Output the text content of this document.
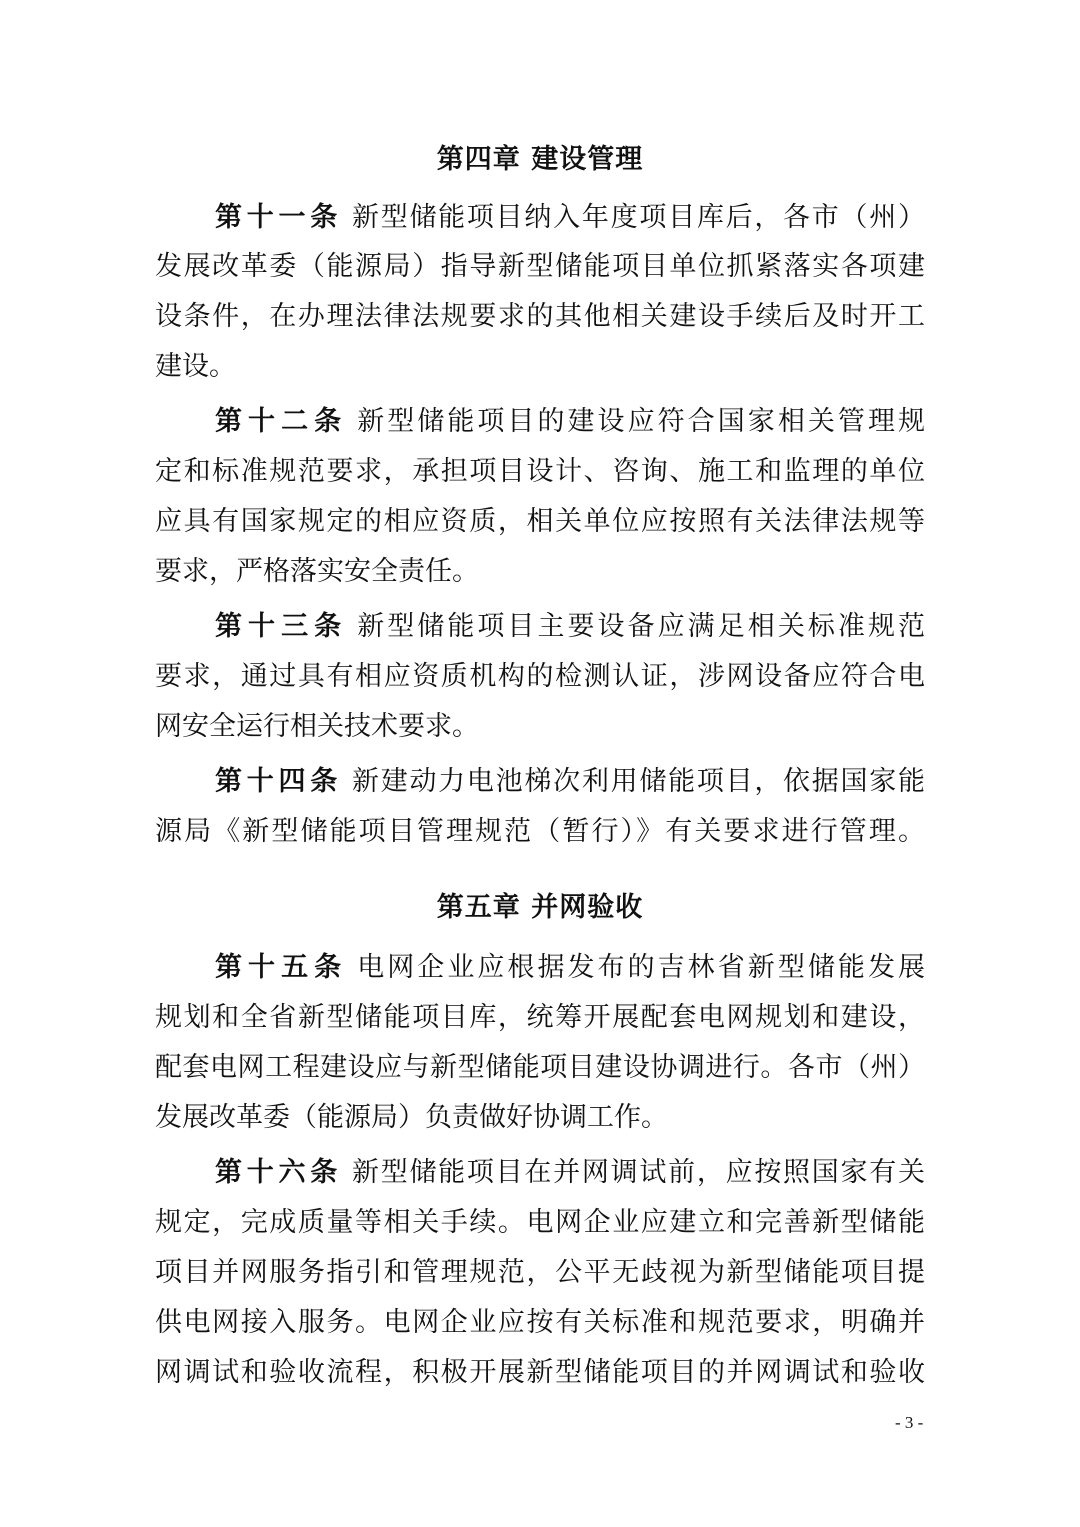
第四章 建设管理
第十一条 新型储能项目纳入年度项目库后，各市（州）
发展改革委（能源局）指导新型储能项目单位抓紧落实各项建
设条件，在办理法律法规要求的其他相关建设手续后及时开工
建设。
第十二条 新型储能项目的建设应符合国家相关管理规
定和标准规范要求，承担项目设计、咨询、施工和监理的单位
应具有国家规定的相应资质，相关单位应按照有关法律法规等
要求，严格落实安全责任。
第十三条 新型储能项目主要设备应满足相关标准规范
要求，通过具有相应资质机构的检测认证，涉网设备应符合电
网安全运行相关技术要求。
第十四条 新建动力电池梯次利用储能项目，依据国家能
源局《新型储能项目管理规范（暂行）》有关要求进行管理。
第五章 并网验收
第十五条 电网企业应根据发布的吉林省新型储能发展
规划和全省新型储能项目库，统筹开展配套电网规划和建设，
配套电网工程建设应与新型储能项目建设协调进行。各市（州）
发展改革委（能源局）负责做好协调工作。
第十六条 新型储能项目在并网调试前，应按照国家有关
规定，完成质量等相关手续。电网企业应建立和完善新型储能
项目并网服务指引和管理规范，公平无歧视为新型储能项目提
供电网接入服务。电网企业应按有关标准和规范要求，明确并
网调试和验收流程，积极开展新型储能项目的并网调试和验收
- 3 -
